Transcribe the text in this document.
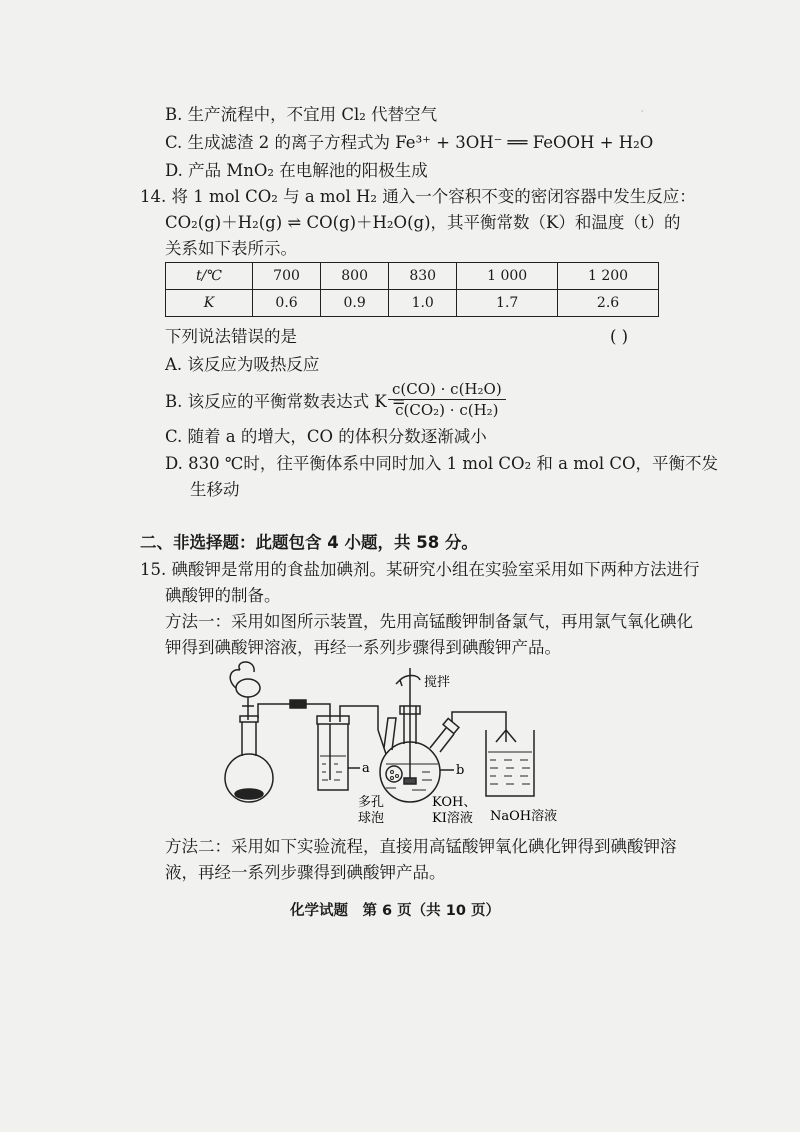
·
B. 生产流程中，不宜用 Cl₂ 代替空气
C. 生成滤渣 2 的离子方程式为 Fe³⁺ + 3OH⁻ ══ FeOOH + H₂O
D. 产品 MnO₂ 在电解池的阳极生成
14. 将 1 mol CO₂ 与 a mol H₂ 通入一个容积不变的密闭容器中发生反应：
CO₂(g)＋H₂(g) ⇌ CO(g)＋H₂O(g)，其平衡常数（K）和温度（t）的
关系如下表所示。
t/℃	700	800	830	1 000	1 200
K	0.6	0.9	1.0	1.7	2.6
下列说法错误的是	( )
A. 该反应为吸热反应
B. 该反应的平衡常数表达式 K =
$\frac{\text{c(CO) · c(H₂O)}}{\text{c(CO₂) · c(H₂)}}$
C. 随着 a 的增大，CO 的体积分数逐渐减小
D. 830 ℃时，往平衡体系中同时加入 1 mol CO₂ 和 a mol CO，平衡不发
生移动
二、非选择题：此题包含 4 小题，共 58 分。
15. 碘酸钾是常用的食盐加碘剂。某研究小组在实验室采用如下两种方法进行
碘酸钾的制备。
方法一：采用如图所示装置，先用高锰酸钾制备氯气，再用氯气氧化碘化
钾得到碘酸钾溶液，再经一系列步骤得到碘酸钾产品。
搅拌
a	b
多孔
球泡
KOH、
KI溶液 NaOH溶液
方法二：采用如下实验流程，直接用高锰酸钾氧化碘化钾得到碘酸钾溶
液，再经一系列步骤得到碘酸钾产品。
化学试题　第 6 页（共 10 页）
